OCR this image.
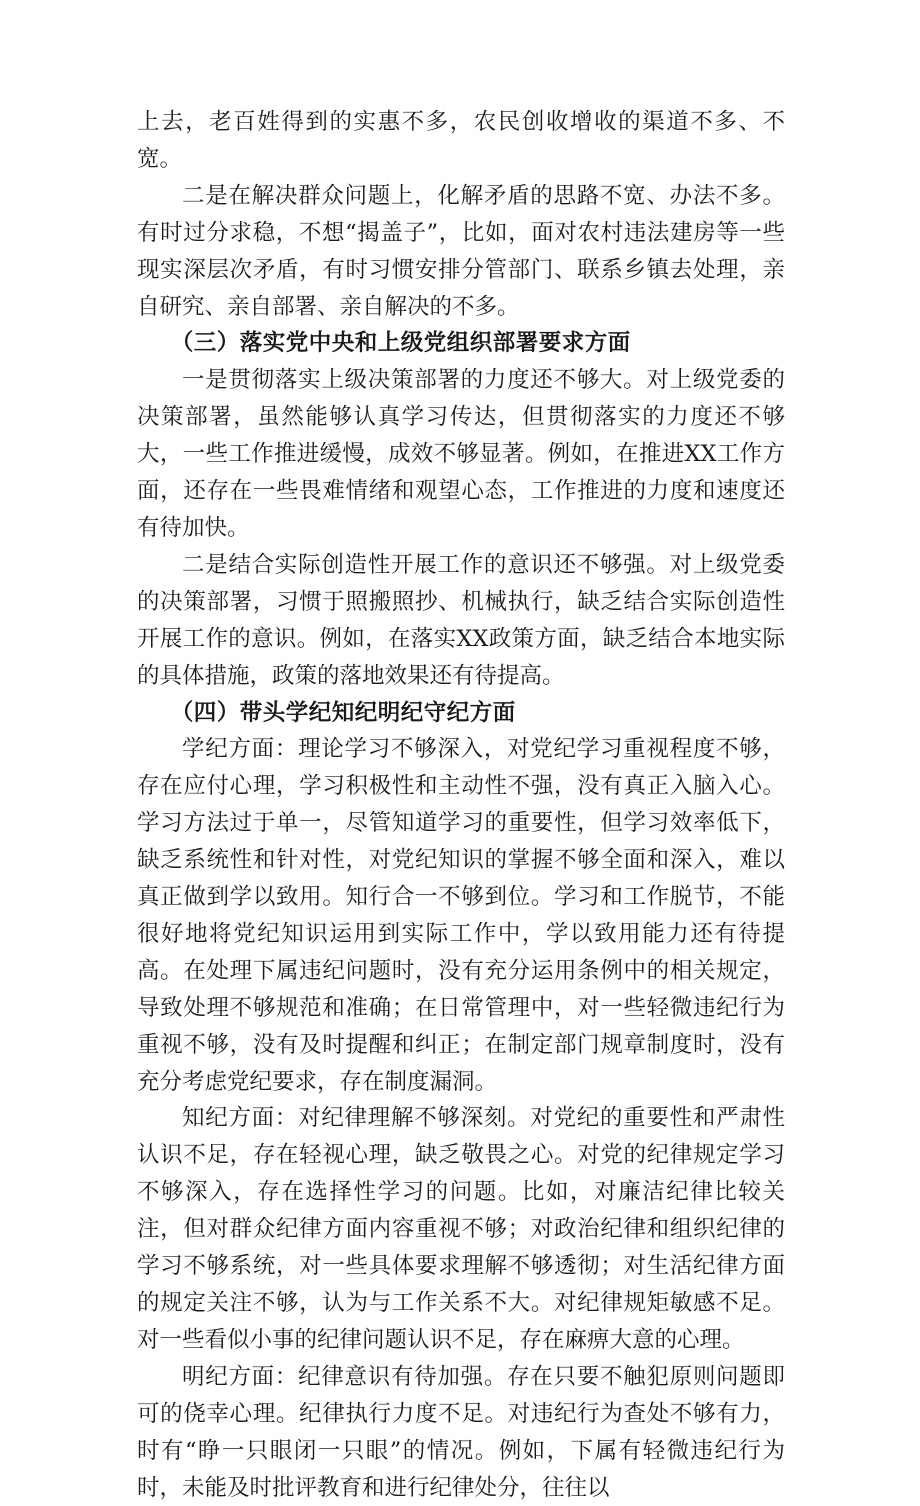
上去，老百姓得到的实惠不多，农民创收增收的渠道不多、不宽。

二是在解决群众问题上，化解矛盾的思路不宽、办法不多。有时过分求稳，不想“揭盖子”，比如，面对农村违法建房等一些现实深层次矛盾，有时习惯安排分管部门、联系乡镇去处理，亲自研究、亲自部署、亲自解决的不多。

（三）落实党中央和上级党组织部署要求方面

一是贯彻落实上级决策部署的力度还不够大。对上级党委的决策部署，虽然能够认真学习传达，但贯彻落实的力度还不够大，一些工作推进缓慢，成效不够显著。例如，在推进XX工作方面，还存在一些畏难情绪和观望心态，工作推进的力度和速度还有待加快。

二是结合实际创造性开展工作的意识还不够强。对上级党委的决策部署，习惯于照搬照抄、机械执行，缺乏结合实际创造性开展工作的意识。例如，在落实XX政策方面，缺乏结合本地实际的具体措施，政策的落地效果还有待提高。

（四）带头学纪知纪明纪守纪方面

学纪方面：理论学习不够深入，对党纪学习重视程度不够，存在应付心理，学习积极性和主动性不强，没有真正入脑入心。学习方法过于单一，尽管知道学习的重要性，但学习效率低下，缺乏系统性和针对性，对党纪知识的掌握不够全面和深入，难以真正做到学以致用。知行合一不够到位。学习和工作脱节，不能很好地将党纪知识运用到实际工作中，学以致用能力还有待提高。在处理下属违纪问题时，没有充分运用条例中的相关规定，导致处理不够规范和准确；在日常管理中，对一些轻微违纪行为重视不够，没有及时提醒和纠正；在制定部门规章制度时，没有充分考虑党纪要求，存在制度漏洞。

知纪方面：对纪律理解不够深刻。对党纪的重要性和严肃性认识不足，存在轻视心理，缺乏敬畏之心。对党的纪律规定学习不够深入，存在选择性学习的问题。比如，对廉洁纪律比较关注，但对群众纪律方面内容重视不够；对政治纪律和组织纪律的学习不够系统，对一些具体要求理解不够透彻；对生活纪律方面的规定关注不够，认为与工作关系不大。对纪律规矩敏感不足。对一些看似小事的纪律问题认识不足，存在麻痹大意的心理。

明纪方面：纪律意识有待加强。存在只要不触犯原则问题即可的侥幸心理。纪律执行力度不足。对违纪行为查处不够有力，时有“睁一只眼闭一只眼”的情况。例如，下属有轻微违纪行为时，未能及时批评教育和进行纪律处分，往往以
